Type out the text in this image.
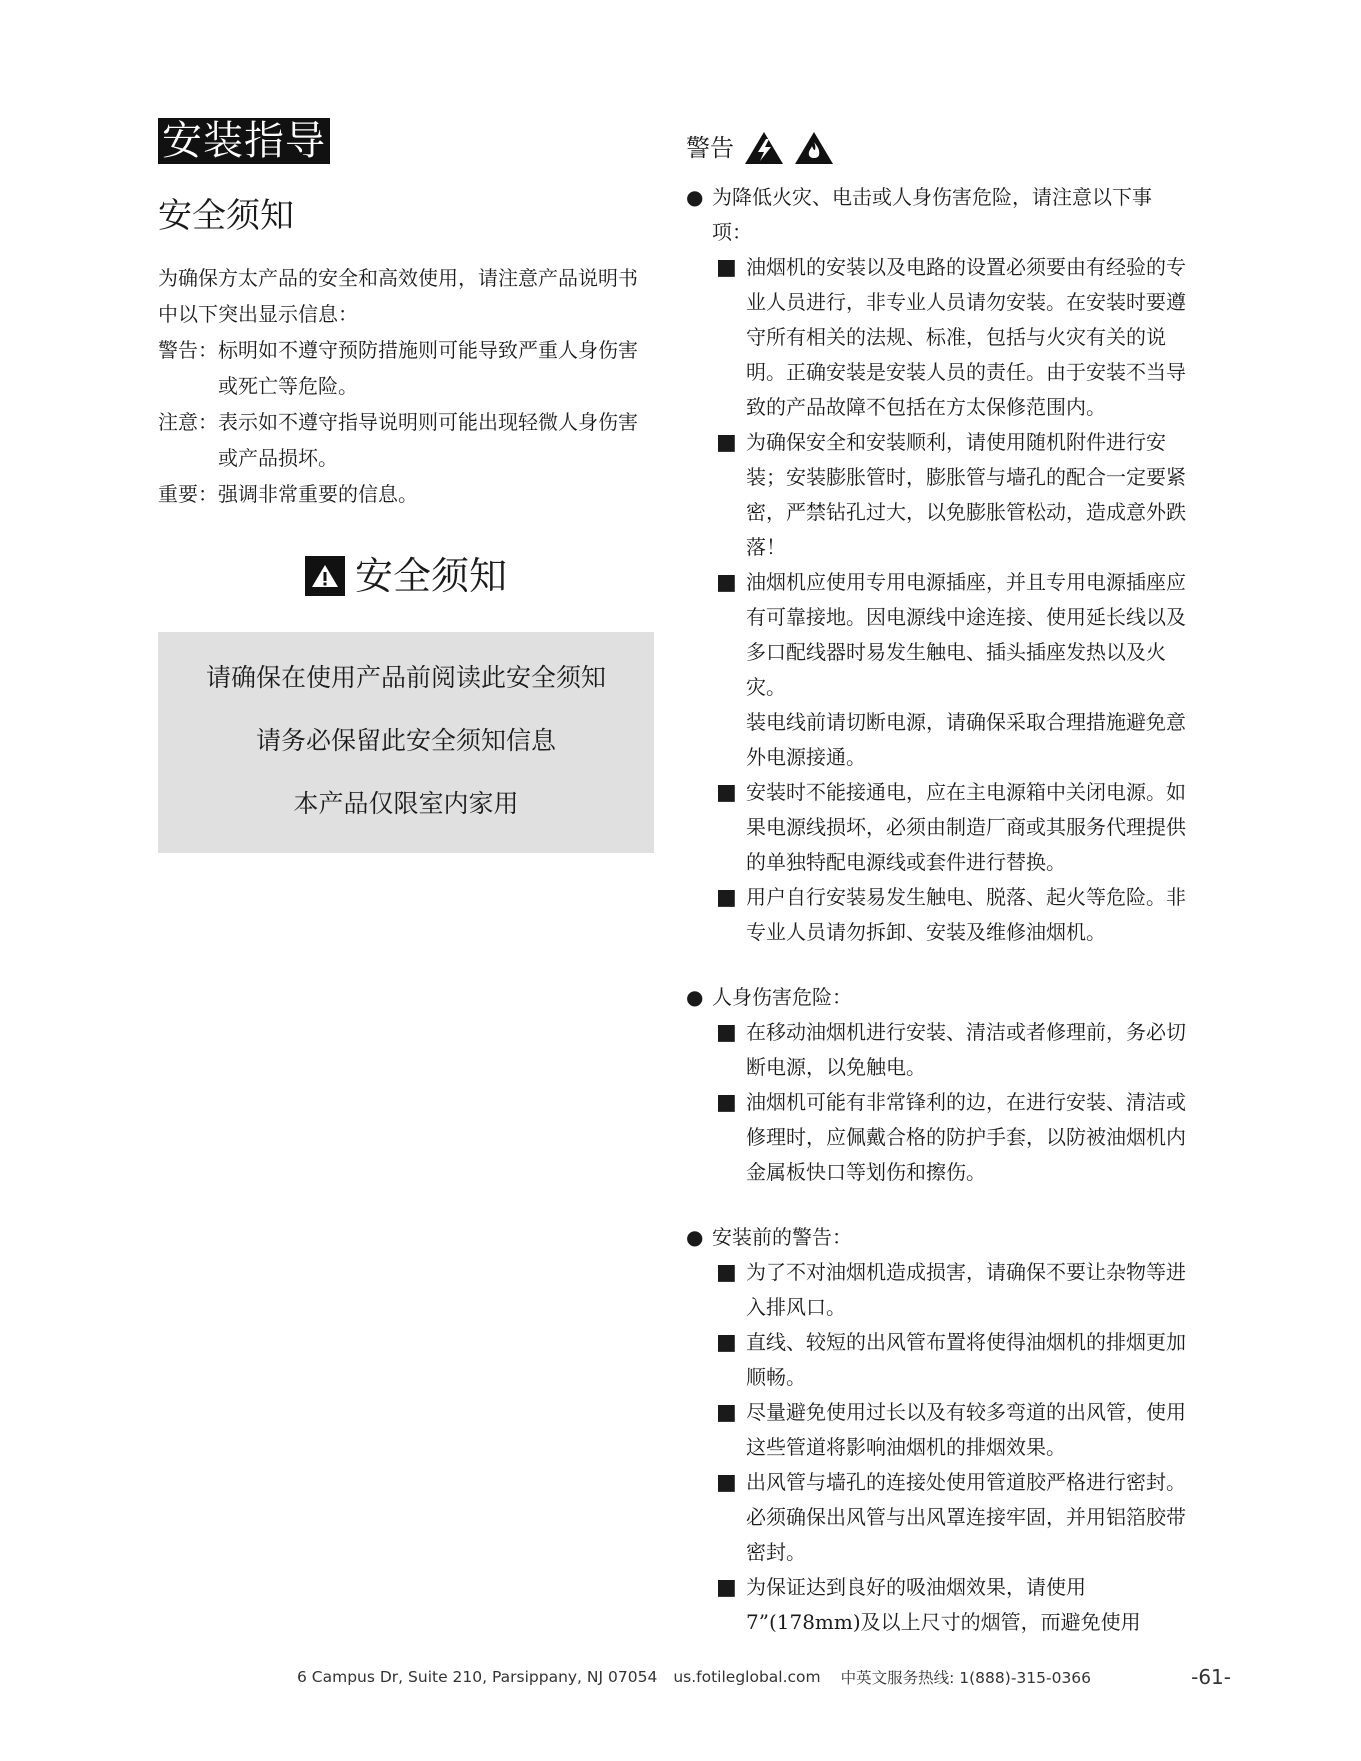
安装指导
安全须知
为确保方太产品的安全和高效使用，请注意产品说明书中以下突出显示信息：
警告： 标明如不遵守预防措施则可能导致严重人身伤害或死亡等危险。
注意： 表示如不遵守指导说明则可能出现轻微人身伤害或产品损坏。
重要： 强调非常重要的信息。
安全须知
请确保在使用产品前阅读此安全须知
请务必保留此安全须知信息
本产品仅限室内家用
警告
● 为降低火灾、电击或人身伤害危险，请注意以下事项：
■ 油烟机的安装以及电路的设置必须要由有经验的专业人员进行，非专业人员请勿安装。在安装时要遵守所有相关的法规、标准，包括与火灾有关的说明。正确安装是安装人员的责任。由于安装不当导致的产品故障不包括在方太保修范围内。
■ 为确保安全和安装顺利，请使用随机附件进行安装；安装膨胀管时，膨胀管与墙孔的配合一定要紧密，严禁钻孔过大，以免膨胀管松动，造成意外跌落！
■ 油烟机应使用专用电源插座，并且专用电源插座应有可靠接地。因电源线中途连接、使用延长线以及多口配线器时易发生触电、插头插座发热以及火灾。
装电线前请切断电源，请确保采取合理措施避免意外电源接通。
■ 安装时不能接通电，应在主电源箱中关闭电源。如果电源线损坏，必须由制造厂商或其服务代理提供的单独特配电源线或套件进行替换。
■ 用户自行安装易发生触电、脱落、起火等危险。非专业人员请勿拆卸、安装及维修油烟机。
● 人身伤害危险：
■ 在移动油烟机进行安装、清洁或者修理前，务必切断电源，以免触电。
■ 油烟机可能有非常锋利的边，在进行安装、清洁或修理时，应佩戴合格的防护手套，以防被油烟机内金属板快口等划伤和擦伤。
● 安装前的警告：
■ 为了不对油烟机造成损害，请确保不要让杂物等进入排风口。
■ 直线、较短的出风管布置将使得油烟机的排烟更加顺畅。
■ 尽量避免使用过长以及有较多弯道的出风管，使用这些管道将影响油烟机的排烟效果。
■ 出风管与墙孔的连接处使用管道胶严格进行密封。必须确保出风管与出风罩连接牢固，并用铝箔胶带密封。
■ 为保证达到良好的吸油烟效果，请使用
7”(178mm)及以上尺寸的烟管，而避免使用
6 Campus Dr, Suite 210, Parsippany, NJ 07054 us.fotileglobal.com 中英文服务热线: 1(888)-315-0366	-61-
